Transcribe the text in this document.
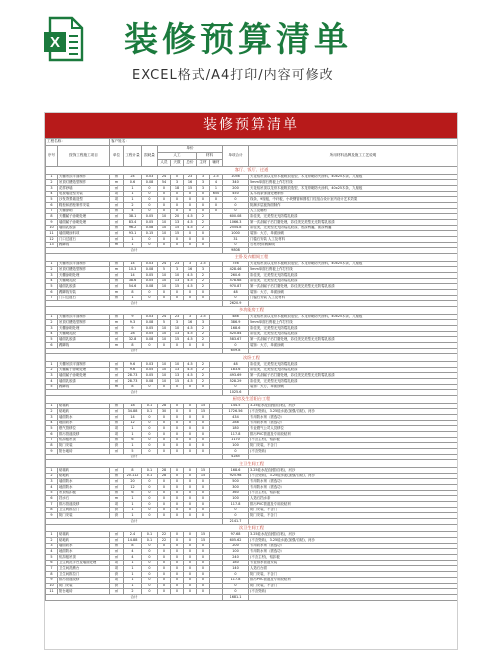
X 装修预算清单
EXCEL格式/A4打印/内容可修改
装修预算清单
工程名称：		客户姓名：									
序号	按饰工程施工项目	单位	工程计量	损耗量	单价					单项合计	所用材料品牌及施工工艺说明
					人工			材料			
					人员	天数	总价	主材	辅材		
客厅、饭厅、过道											
1	天棚吊顶平面制作	㎡	24	0.03	24	0	23	3	2.5	1056	天花铝吊顶以龙骨木板吸顶造型，木龙骨刷防火涂料，40x25木条，九厘板
2	吊顶灯槽造型制作	m	0.6	0.08	54	3	16	3	4	340	5mm单面石膏板上作打钉线
3	花样砂墙	㎡	1	0	0	18	15	3	1	200	天花铝吊顶以龙骨木板吸顶造型，木龙骨刷防火涂料，40x25木条，九厘板
4	电视墙造型安装	项	1	0	0	0	0	0	650	450	实木线条饰面处理制作
5	沙发背景墙造型	项	1	0	0	0	0	0	0	0	线条，9厘板，中纤板，小块钢管和圆柱门柱组合设计室内设计艺术效果
6	鞋柜和酒柜制作安装	㎡	2	0	0	0	0	0	0	0	防潮多层板饰面制作
7	天棚涂刷	㎡	4	0	0	0	0	0	0	0	人工及辅材
8	天棚腻子涂刷处理	㎡	38.1	0.05	10	20	4.5	2		600.08	彩佳美，完美型无光防霉乳胶漆
9	墙面腻子涂刷处理	㎡	83.4	0.05	10	13	4.5	2		1066.3	第一次刮腻子后打磨处理，彩佳美完美型无光防霉乳胶漆
10	墙面乳胶漆	㎡	96.2	0.08	10	15	4.5	2		2554.8	彩佳美，完美型无光防霉乳胶漆，底漆两遍，面漆两遍
11	墙面刷涂料项	㎡	93.1	0.15	10	15	0	0		1000	装饰：大方，单面涂刷
12	门口过道石	㎡	1	0	0	0	0	0		31	门槛石安装 人工及材料
13	踢脚线	m	1	0	0	0	0	0		0	石材/瓷砖踢脚线
合计										9808	
主卧及衣帽间工程											
1	天棚吊顶平面制作	㎡	14	0.03	24	23	3	2.5		756	天花铝吊顶以龙骨木板吸顶造型，木龙骨刷防火涂料，40x25木条，九厘板
2	吊顶灯槽造型制作	m	10.3	0.08	5	3	16	3		428.46	5mm单面石膏板上作打钉线
3	天棚涂刷处理	㎡	14	0.05	10	10	4.5	2		260.6	彩佳美，完美型无光防霉乳胶漆
4	天棚刷乳胶	㎡	38.6	0.05	10	13	4.5	2		578.68	彩佳美，完美型无光防霉乳胶漆
5	墙面乳胶漆	㎡	54.6	0.08	10	15	4.5	2		970.87	第一次刮腻子后打磨处理，彩佳美完美型无光防霉乳胶漆
6	踢脚线安装	m	8	0	0	0	0	0		48	装饰：大方，单面涂刷
7	门口过道石	㎡	1	0	0	0	0	0		0	门槛石安装 人工及材料
合计										2620.9	
多功能房工程											
1	天棚吊顶平面制作	㎡	9	0.03	24	23	3	2.5		486	天花铝吊顶以龙骨木板吸顶造型，木龙骨刷防火涂料，40x25木条，九厘板
2	吊顶灯槽造型制作	m	9.3	0.08	5	3	16	3		386.9	5mm单面石膏板上作打钉线
3	天棚涂刷处理	㎡	9	0.05	10	10	4.5	2		168.6	彩佳美，完美型无光防霉乳胶漆
4	天棚刷乳胶	㎡	28	0.05	10	13	4.5	2		420.84	彩佳美，完美型无光防霉乳胶漆
5	墙面乳胶漆	㎡	32.8	0.08	10	15	4.5	2		583.67	第一次刮腻子后打磨处理，彩佳美完美型无光防霉乳胶漆
6	踢脚线	m	8	0	0	0	0	0		0	装饰：大方，单面涂刷
合计										659.8	
次卧工程											
1	天棚吊顶平面制作	㎡	9.6	0.03	10	10	4.5	2		48	彩佳美，完美型无光防霉乳胶漆
2	天棚腻子涂刷处理	㎡	9.6	0.05	10	13	4.5	2		183.6	彩佳美，完美型无光防霉乳胶漆
3	墙面腻子涂刷处理	㎡	28.73	0.05	10	13	4.5	2		493.69	第一次刮腻子后打磨处理，彩佳美完美型无光防霉乳胶漆
4	墙面乳胶漆	㎡	28.73	0.08	10	15	4.5	2		528.29	彩佳美，完美型无光防霉乳胶漆
5	踢脚线	m	8	0	0	0	0	0		0	装饰：大方，单面涂刷
合计										1025.6	
厨房及生活阳台工程											
1	贴墙砖	㎡	18	0.1	28	0	0	15		144.5	3.25硅水泥(加强/自粘)，河沙
2	贴地砖	㎡	34.88	0.1	30	0	0	15		1726.56	(不含瓷砖)，3.25硅水泥(加强/自粘)，河沙
3	墙面防水	㎡	14	0	0	0	0	0		434	专用防水剂（需选功）
4	地面防水	㎡	12	0	0	0	0	0		288	专用防水剂（需选功）
5	燃气管移位	项	1	0	0	0	0	0		180	专业燃气公司人员移位
6	排污管道改移	项	1	0	0	0	0	0		117.8	排污PVC管道及专用胶粘剂
7	铝扣板吊顶	㎡	6	0	0	0	0	0		1170	(不含主材)，铝扣板
8	防门安装	套	1	0	0	0	0	0		100	防门安装，不含门
9	阳台地砖	㎡	5	0	0	0	0	0		0	(不含瓷砖)
合计										4285	
主卫生间工程											
1	贴墙砖	㎡	8	0.1	28	0	0	15		168.6	3.25硅水泥(加强/自粘)，河沙
2	贴地砖	㎡	20.112	0.1	28	0	0	15		925.98	(不含瓷砖)，3.25硅水泥(加强/自粘)，河沙
3	墙面防水	㎡	20	0	0	0	0	0		500	专用防水剂（需选功）
4	地面防水	㎡	12	0	0	0	0	0		300	专用防水剂（需选功）
5	吊顶铝扣板	㎡	6	0	0	0	0	0		360	(不含主材)，铝扣板
6	挡水石	m	1	0	0	0	0	0		100	人造石挡水条
7	排污管道改移	项	1	0	0	0	0	0		117.8	排污PVC管道及专用胶粘剂
8	卫生间推拉门	套	1	0	0	0	0	0		0	防门安装，不含门
9	防门安装	套	1	0	0	0	0	0		0	防门安装，不含门
合计										2141.7	
次卫生间工程											
1	贴墙砖	㎡	2.4	0.1	22	0	0	15		97.68	3.25硅水泥(加强/自粘)，河沙
2	贴地砖	㎡	14.88	0.1	22	0	0	15		605.62	(不含瓷砖)，3.25硅水泥(加强/自粘)，河沙
3	墙面防水	㎡	8	0	0	0	0	0		200	专用防水剂（需选功）
4	地面防水	㎡	4	0	0	0	0	0		100	专用防水剂（需选功）
5	铝扣板吊顶	㎡	4	0	0	0	0	0		240	(不含主材)，铝扣板
6	卫生间洗手台及墙面处理	项	1	0	0	0	0	0		180	专业排水管道安装
7	卫生间洗漱台	项	1	0	0	0	0	0		140	人造石台面
8	卫生间推拉门	套	1	0	0	0	0	0		0	防门安装，不含门
9	排污管道改移	项	1	0	0	0	0	0		117.8	排污PVC管道及专用胶粘剂
10	防门安装	套	1	0	0	0	0	0		0	防门安装，不含门
11	阳台地砖	㎡	2	0	0	0	0	0		0	(不含瓷砖)
合计										1681.1	
